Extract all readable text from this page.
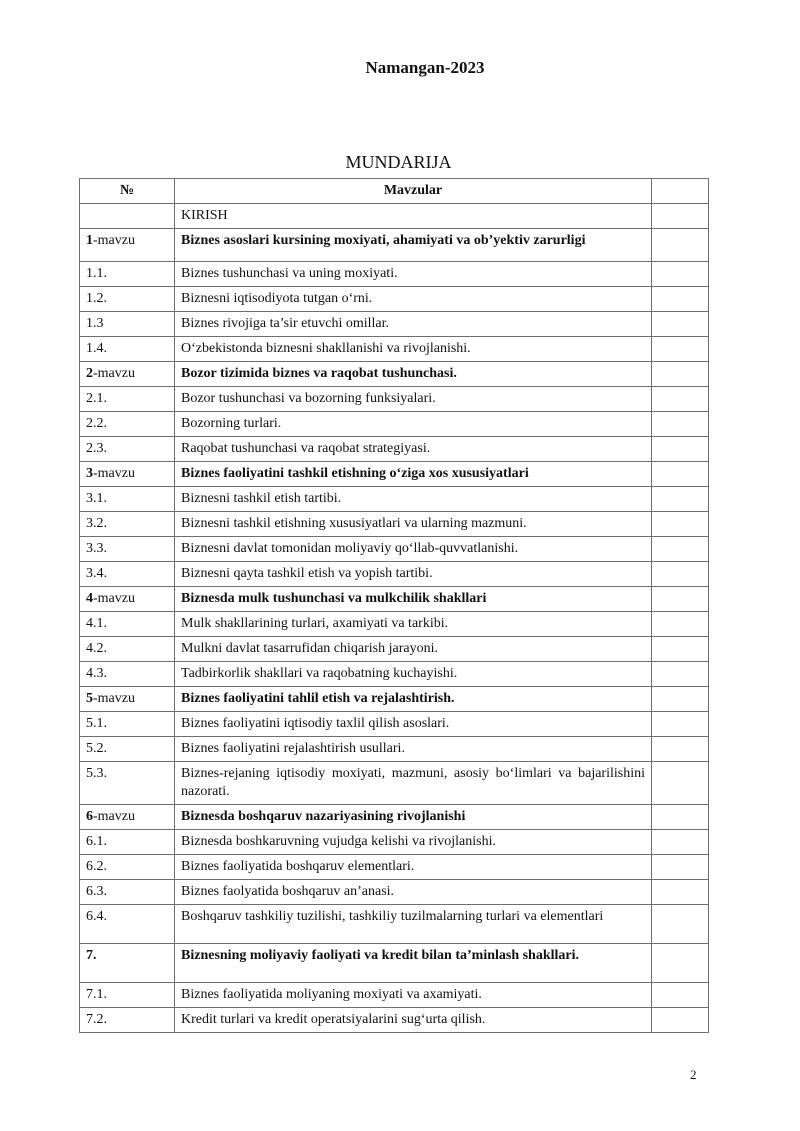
Namangan-2023
MUNDARIJA
№	Mavzular	
	KIRISH	
1-mavzu	Biznes asoslari kursining moxiyati, ahamiyati va ob’yektiv zarurligi	
1.1.	Biznes tushunchasi va uning moxiyati.	
1.2.	Biznesni iqtisodiyota tutgan o‘rni.	
1.3	Biznes rivojiga ta’sir etuvchi omillar.	
1.4.	O‘zbekistonda biznesni shakllanishi va rivojlanishi.	
2-mavzu	Bozor tizimida biznes va raqobat tushunchasi.	
2.1.	Bozor tushunchasi va bozorning funksiyalari.	
2.2.	Bozorning turlari.	
2.3.	Raqobat tushunchasi va raqobat strategiyasi.	
3-mavzu	Biznes faoliyatini tashkil etishning o‘ziga xos xususiyatlari	
3.1.	Biznesni tashkil etish tartibi.	
3.2.	Biznesni tashkil etishning xususiyatlari va ularning mazmuni.	
3.3.	Biznesni davlat tomonidan moliyaviy qo‘llab-quvvatlanishi.	
3.4.	Biznesni qayta tashkil etish va yopish tartibi.	
4-mavzu	Biznesda mulk tushunchasi va mulkchilik shakllari	
4.1.	Mulk shakllarining turlari, axamiyati va tarkibi.	
4.2.	Mulkni davlat tasarrufidan chiqarish jarayoni.	
4.3.	Tadbirkorlik shakllari va raqobatning kuchayishi.	
5-mavzu	Biznes faoliyatini tahlil etish va rejalashtirish.	
5.1.	Biznes faoliyatini iqtisodiy taxlil qilish asoslari.	
5.2.	Biznes faoliyatini rejalashtirish usullari.	
5.3.	Biznes-rejaning iqtisodiy moxiyati, mazmuni, asosiy bo‘limlari va bajarilishini nazorati.	
6-mavzu	Biznesda boshqaruv nazariyasining rivojlanishi	
6.1.	Biznesda boshkaruvning vujudga kelishi va rivojlanishi.	
6.2.	Biznes faoliyatida boshqaruv elementlari.	
6.3.	Biznes faolyatida boshqaruv an’anasi.	
6.4.	Boshqaruv tashkiliy tuzilishi, tashkiliy tuzilmalarning turlari va elementlari	
7.	Biznesning moliyaviy faoliyati va kredit bilan ta’minlash shakllari.	
7.1.	Biznes faoliyatida moliyaning moxiyati va axamiyati.	
7.2.	Kredit turlari va kredit operatsiyalarini sug‘urta qilish.	
2
